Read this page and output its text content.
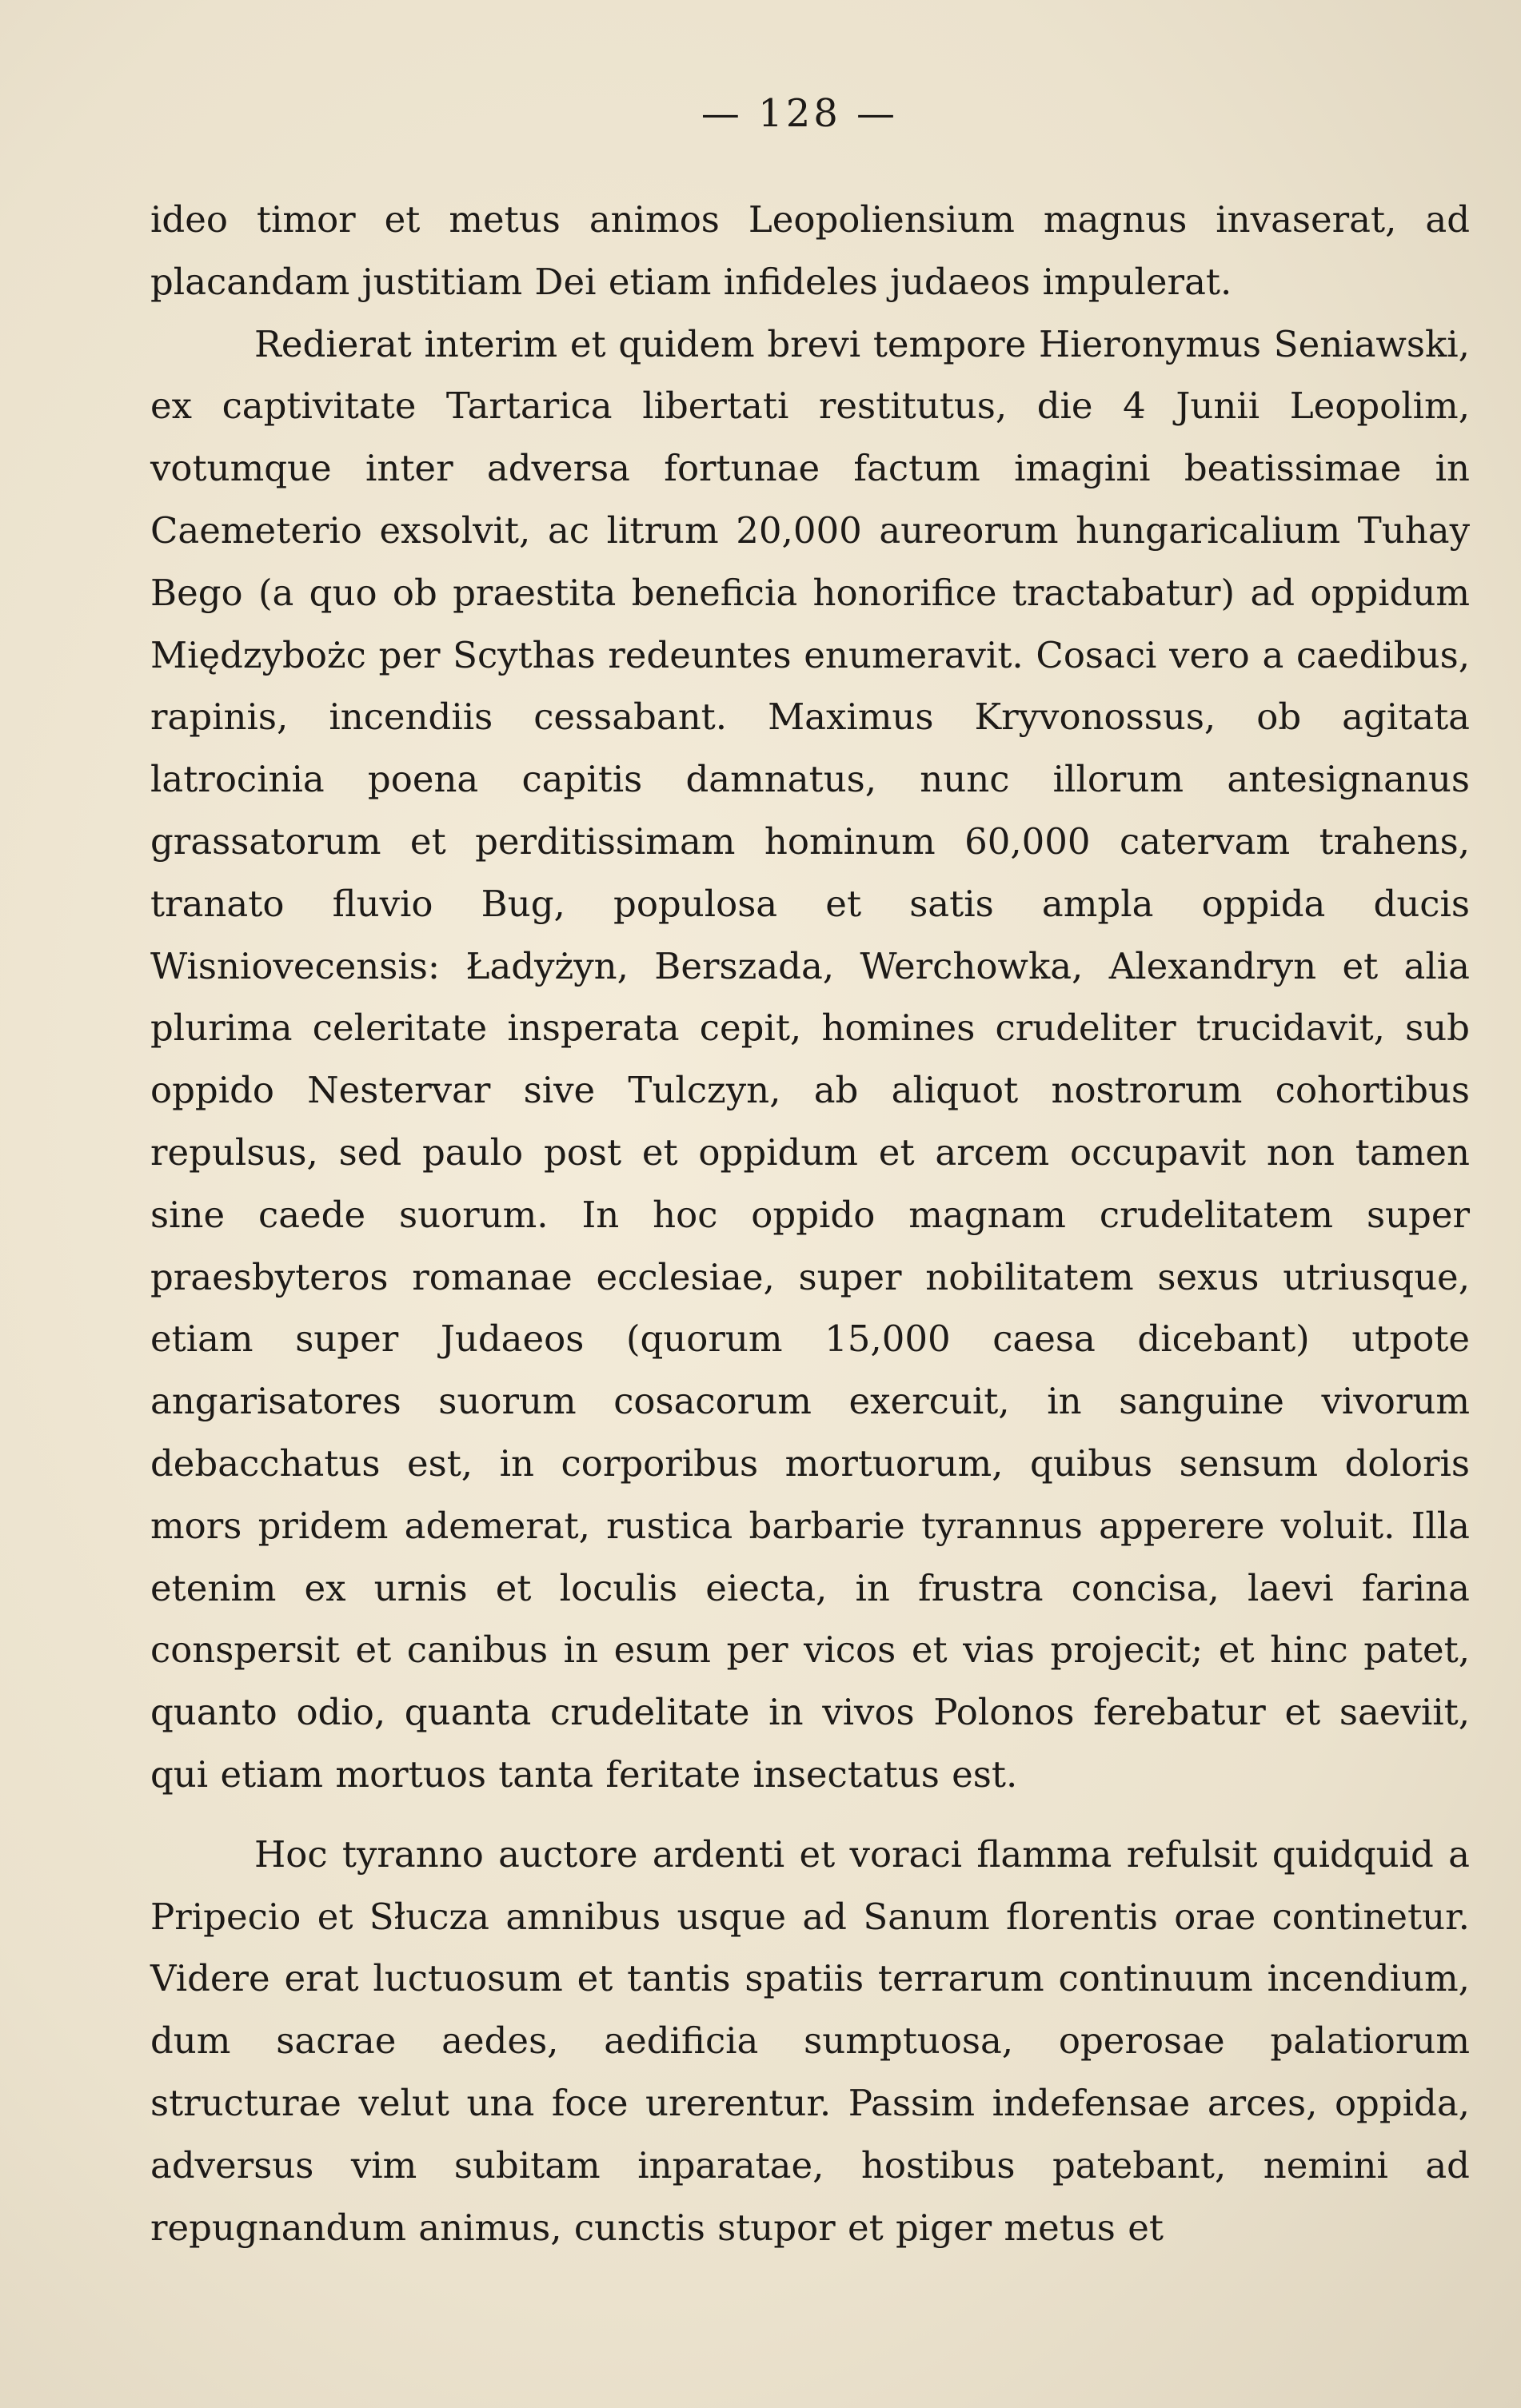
— 128 —

ideo timor et metus animos Leopoliensium magnus invaserat, ad placandam justitiam Dei etiam infideles judaeos impulerat.

Redierat interim et quidem brevi tempore Hieronymus Seniawski, ex captivitate Tartarica libertati restitutus, die 4 Junii Leopolim, votumque inter adversa fortunae factum imagini beatissimae in Caemeterio exsolvit, ac litrum 20,000 aureorum hungaricalium Tuhay Bego (a quo ob praestita beneficia honorifice tractabatur) ad oppidum Międzybożc per Scythas redeuntes enumeravit. Cosaci vero a caedibus, rapinis, incendiis cessabant. Maximus Kryvonossus, ob agitata latrocinia poena capitis damnatus, nunc illorum antesignanus grassatorum et perditissimam hominum 60,000 catervam trahens, tranato fluvio Bug, populosa et satis ampla oppida ducis Wisniovecensis: Ładyżyn, Berszada, Werchowka, Alexandryn et alia plurima celeritate insperata cepit, homines crudeliter trucidavit, sub oppido Nestervar sive Tulczyn, ab aliquot nostrorum cohortibus repulsus, sed paulo post et oppidum et arcem occupavit non tamen sine caede suorum. In hoc oppido magnam crudelitatem super praesbyteros romanae ecclesiae, super nobilitatem sexus utriusque, etiam super Judaeos (quorum 15,000 caesa dicebant) utpote angarisatores suorum cosacorum exercuit, in sanguine vivorum debacchatus est, in corporibus mortuorum, quibus sensum doloris mors pridem ademerat, rustica barbarie tyrannus apperere voluit. Illa etenim ex urnis et loculis eiecta, in frustra concisa, laevi farina conspersit et canibus in esum per vicos et vias projecit; et hinc patet, quanto odio, quanta crudelitate in vivos Polonos ferebatur et saeviit, qui etiam mortuos tanta feritate insectatus est.

Hoc tyranno auctore ardenti et voraci flamma refulsit quidquid a Pripecio et Słucza amnibus usque ad Sanum florentis orae continetur. Videre erat luctuosum et tantis spatiis terrarum continuum incendium, dum sacrae aedes, aedificia sumptuosa, operosae palatiorum structurae velut una foce urerentur. Passim indefensae arces, oppida, adversus vim subitam inparatae, hostibus patebant, nemini ad repugnandum animus, cunctis stupor et piger metus et
